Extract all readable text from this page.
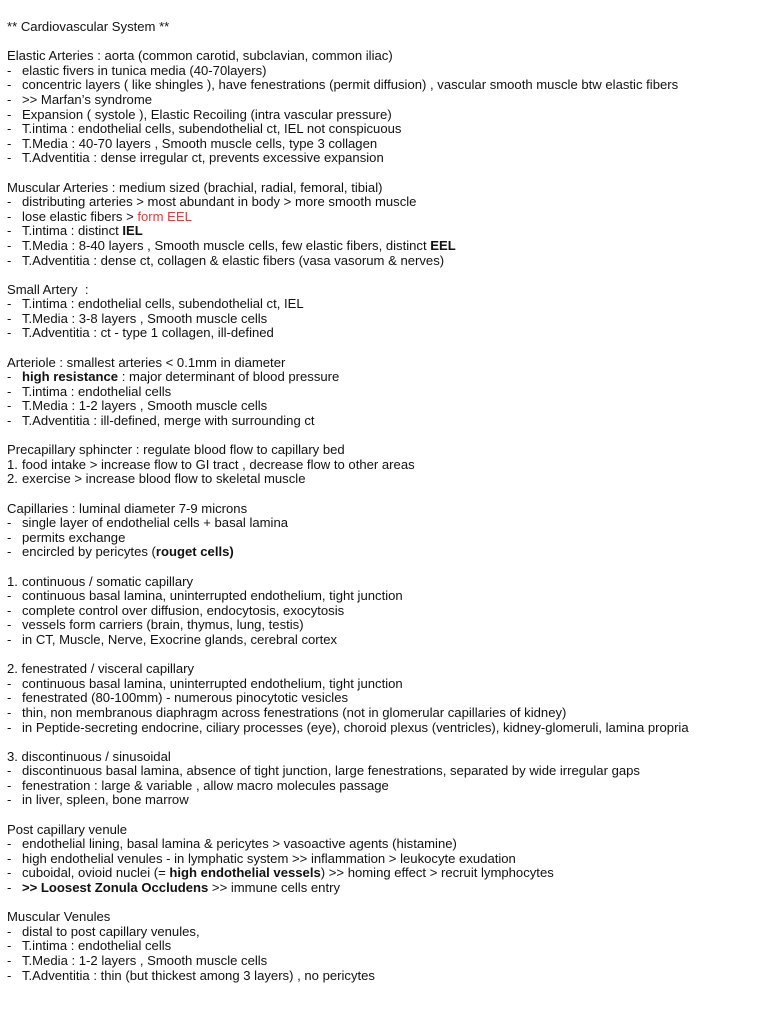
** Cardiovascular System **
Elastic Arteries : aorta (common carotid, subclavian, common iliac)
- elastic fivers in tunica media (40-70layers)
- concentric layers ( like shingles ), have fenestrations (permit diffusion) , vascular smooth muscle btw elastic fibers
- >> Marfan’s syndrome
- Expansion ( systole ), Elastic Recoiling (intra vascular pressure)
- T.intima : endothelial cells, subendothelial ct, IEL not conspicuous
- T.Media : 40-70 layers , Smooth muscle cells, type 3 collagen
- T.Adventitia : dense irregular ct, prevents excessive expansion
Muscular Arteries : medium sized (brachial, radial, femoral, tibial)
- distributing arteries > most abundant in body > more smooth muscle
- lose elastic fibers > form EEL
- T.intima : distinct IEL
- T.Media : 8-40 layers , Smooth muscle cells, few elastic fibers, distinct EEL
- T.Adventitia : dense ct, collagen & elastic fibers (vasa vasorum & nerves)
Small Artery  :
- T.intima : endothelial cells, subendothelial ct, IEL
- T.Media : 3-8 layers , Smooth muscle cells
- T.Adventitia : ct - type 1 collagen, ill-defined
Arteriole : smallest arteries < 0.1mm in diameter
- high resistance : major determinant of blood pressure
- T.intima : endothelial cells
- T.Media : 1-2 layers , Smooth muscle cells
- T.Adventitia : ill-defined, merge with surrounding ct
Precapillary sphincter : regulate blood flow to capillary bed
1. food intake > increase flow to GI tract , decrease flow to other areas
2. exercise > increase blood flow to skeletal muscle
Capillaries : luminal diameter 7-9 microns
- single layer of endothelial cells + basal lamina
- permits exchange
- encircled by pericytes (rouget cells)
1. continuous / somatic capillary
- continuous basal lamina, uninterrupted endothelium, tight junction
- complete control over diffusion, endocytosis, exocytosis
- vessels form carriers (brain, thymus, lung, testis)
- in CT, Muscle, Nerve, Exocrine glands, cerebral cortex
2. fenestrated / visceral capillary
- continuous basal lamina, uninterrupted endothelium, tight junction
- fenestrated (80-100mm) - numerous pinocytotic vesicles
- thin, non membranous diaphragm across fenestrations (not in glomerular capillaries of kidney)
- in Peptide-secreting endocrine, ciliary processes (eye), choroid plexus (ventricles), kidney-glomeruli, lamina propria
3. discontinuous / sinusoidal
- discontinuous basal lamina, absence of tight junction, large fenestrations, separated by wide irregular gaps
- fenestration : large & variable , allow macro molecules passage
- in liver, spleen, bone marrow
Post capillary venule
- endothelial lining, basal lamina & pericytes > vasoactive agents (histamine)
- high endothelial venules - in lymphatic system >> inflammation > leukocyte exudation
- cuboidal, ovioid nuclei (= high endothelial vessels) >> homing effect > recruit lymphocytes
- >> Loosest Zonula Occludens >> immune cells entry
Muscular Venules
- distal to post capillary venules,
- T.intima : endothelial cells
- T.Media : 1-2 layers , Smooth muscle cells
- T.Adventitia : thin (but thickest among 3 layers) , no pericytes
